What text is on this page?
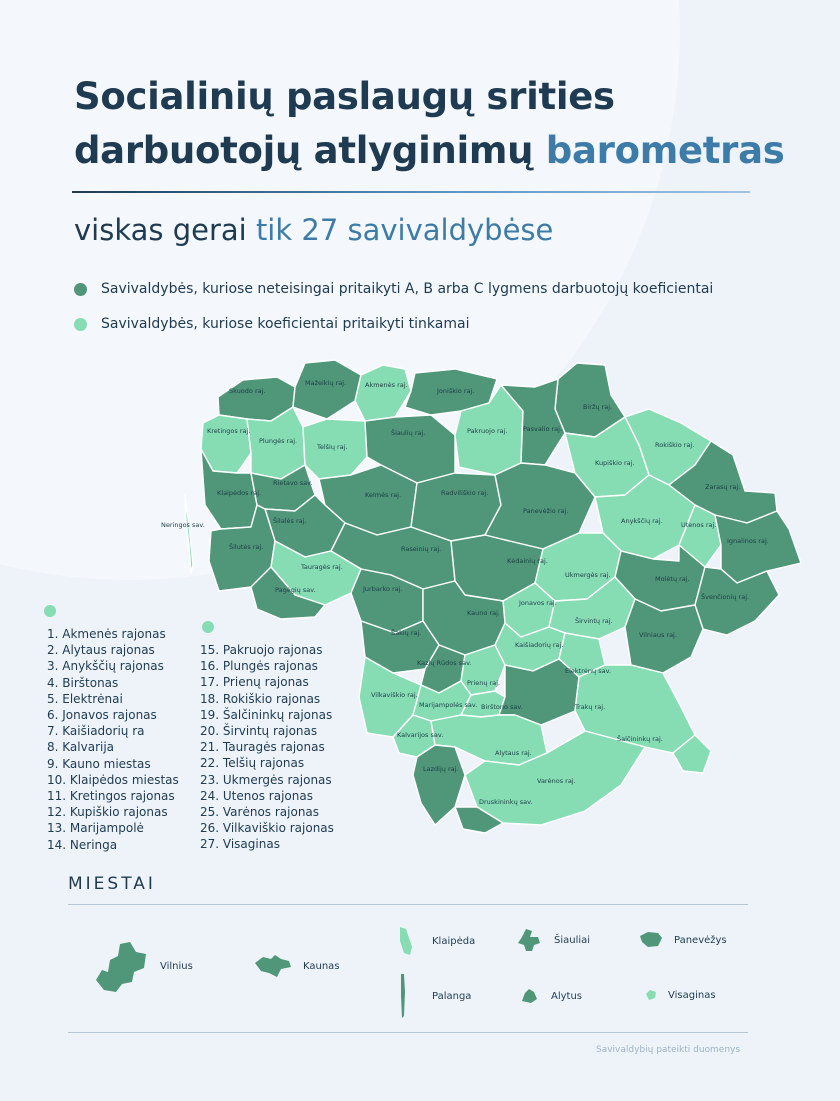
Socialinių paslaugų srities
darbuotojų atlyginimų barometras
viskas gerai tik 27 savivaldybėse
Savivaldybės, kuriose neteisingai pritaikyti A, B arba C lygmens darbuotojų koeficientai
Savivaldybės, kuriose koeficientai pritaikyti tinkamai
Skuodo raj.
Mažeikių raj.	Akmenės raj.
Joniškio raj.
Biržų raj.
Kretingos raj.
Plungės raj.
Telšių raj.
Šiaulių raj.	Pakruojo raj. Pasvalio raj.
Rokiškio raj.
Kupiškio raj.
Klaipėdos raj.
Rietavo sav.
Kelmės raj.	Radviliškio raj.
Panevėžio raj.
Zarasų raj.
Neringos sav.	Šilalės raj.	Anykščių raj.	Utenos raj.
Šilutės raj.	Raseinių raj.
Ignalinos raj.
Tauragės raj.
Kėdainių raj.
Ukmergės raj.	Molėtų raj.
Jurbarko raj.
Pagėgių sav.
Švenčionių raj.
Jonavos raj.
Kauno raj.
Širvintų raj.
Šakių raj.	Vilniaus raj.
Kaišiadorių raj.
Kazlų Rūdos sav.
Elektrėnų sav.
Prienų raj.
Vilkaviškio raj.
Marijampolės sav. Birštono sav.	Trakų raj.
Kalvarijos sav.
Alytaus raj.
Šalčininkų raj.
Lazdijų raj.
Varėnos raj.
Druskininkų sav.
1. Akmenės rajonas
2. Alytaus rajonas
3. Anykščių rajonas
4. Birštonas
5. Elektrėnai
6. Jonavos rajonas
7. Kaišiadorių ra
8. Kalvarija
9. Kauno miestas
10. Klaipėdos miestas
11. Kretingos rajonas
12. Kupiškio rajonas
13. Marijampolė
14. Neringa
15. Pakruojo rajonas
16. Plungės rajonas
17. Prienų rajonas
18. Rokiškio rajonas
19. Šalčininkų rajonas
20. Širvintų rajonas
21. Tauragės rajonas
22. Telšių rajonas
23. Ukmergės rajonas
24. Utenos rajonas
25. Varėnos rajonas
26. Vilkaviškio rajonas
27. Visaginas
MIESTAI
Vilnius	Kaunas
Klaipėda
Palanga
Šiauliai
Alytus
Panevėžys
Visaginas
Savivaldybių pateikti duomenys
